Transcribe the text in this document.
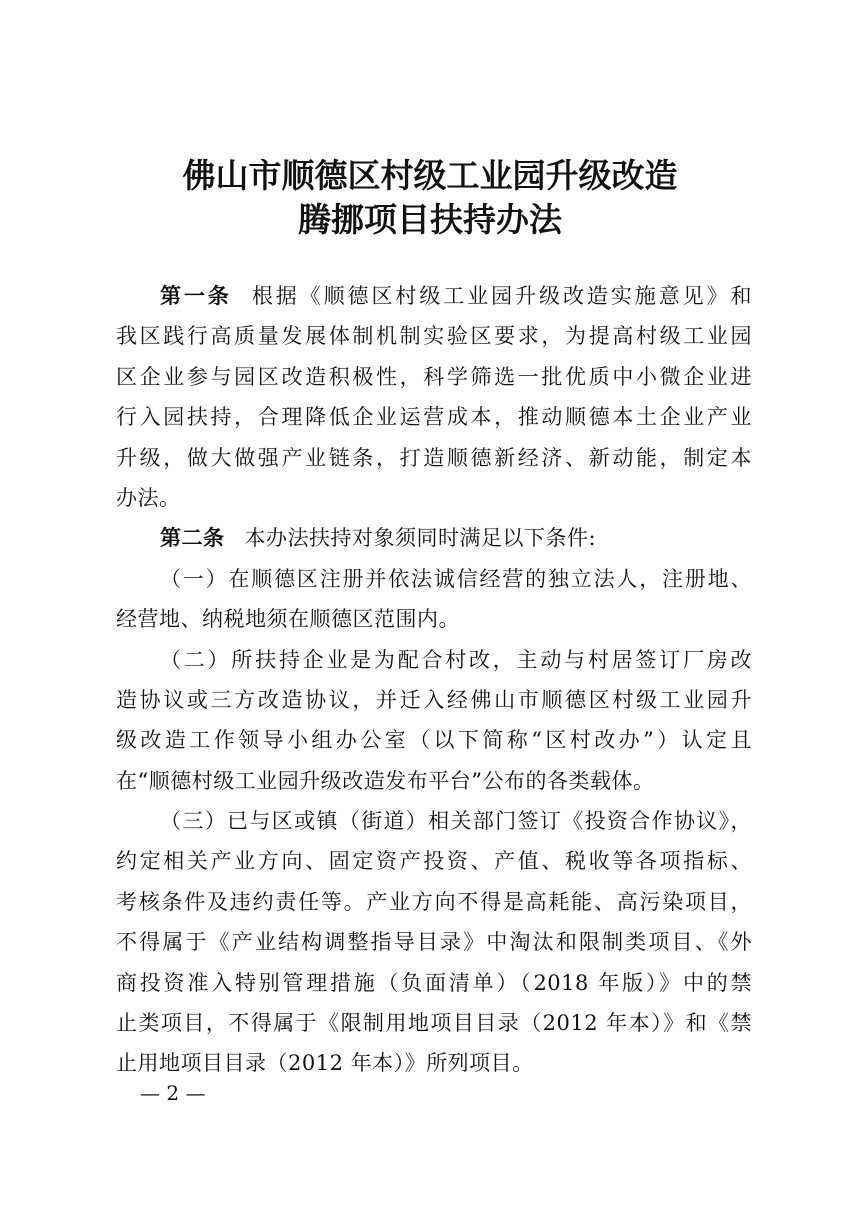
佛山市顺德区村级工业园升级改造
腾挪项目扶持办法
第一条 根据《顺德区村级工业园升级改造实施意见》和
我区践行高质量发展体制机制实验区要求，为提高村级工业园
区企业参与园区改造积极性，科学筛选一批优质中小微企业进
行入园扶持，合理降低企业运营成本，推动顺德本土企业产业
升级，做大做强产业链条，打造顺德新经济、新动能，制定本
办法。
第二条 本办法扶持对象须同时满足以下条件:
（一）在顺德区注册并依法诚信经营的独立法人，注册地、
经营地、纳税地须在顺德区范围内。
（二）所扶持企业是为配合村改，主动与村居签订厂房改
造协议或三方改造协议，并迁入经佛山市顺德区村级工业园升
级改造工作领导小组办公室（以下简称“区村改办”）认定且
在“顺德村级工业园升级改造发布平台”公布的各类载体。
（三）已与区或镇（街道）相关部门签订《投资合作协议》，
约定相关产业方向、固定资产投资、产值、税收等各项指标、
考核条件及违约责任等。产业方向不得是高耗能、高污染项目，
不得属于《产业结构调整指导目录》中淘汰和限制类项目、《外
商投资准入特别管理措施（负面清单）（2018 年版）》中的禁
止类项目，不得属于《限制用地项目目录（2012 年本）》和《禁
止用地项目目录（2012 年本）》所列项目。
— 2 —
